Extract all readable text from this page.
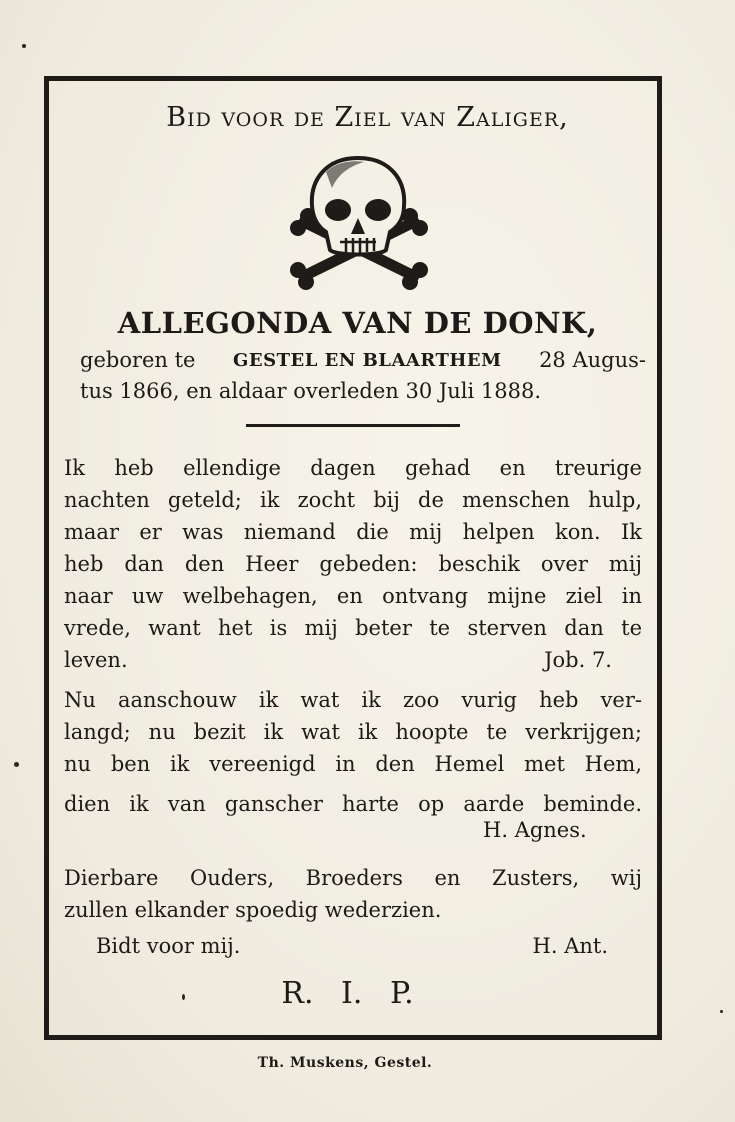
Bid voor de Ziel van Zaliger,
ALLEGONDA VAN DE DONK,
geboren te GESTEL EN BLAARTHEM 28 Augus-
tus 1866, en aldaar overleden 30 Juli 1888.
Ik heb ellendige dagen gehad en treurige
nachten geteld; ik zocht bij de menschen hulp,
maar er was niemand die mij helpen kon. Ik
heb dan den Heer gebeden: beschik over mij
naar uw welbehagen, en ontvang mijne ziel in
vrede, want het is mij beter te sterven dan te
leven.	Job. 7.
Nu aanschouw ik wat ik zoo vurig heb ver-
langd; nu bezit ik wat ik hoopte te verkrijgen;
nu ben ik vereenigd in den Hemel met Hem,
dien ik van ganscher harte op aarde beminde.
H. Agnes.
Dierbare Ouders, Broeders en Zusters, wij
zullen elkander spoedig wederzien.
Bidt voor mij.	H. Ant.
R. I. P.
Th. Muskens, Gestel.
